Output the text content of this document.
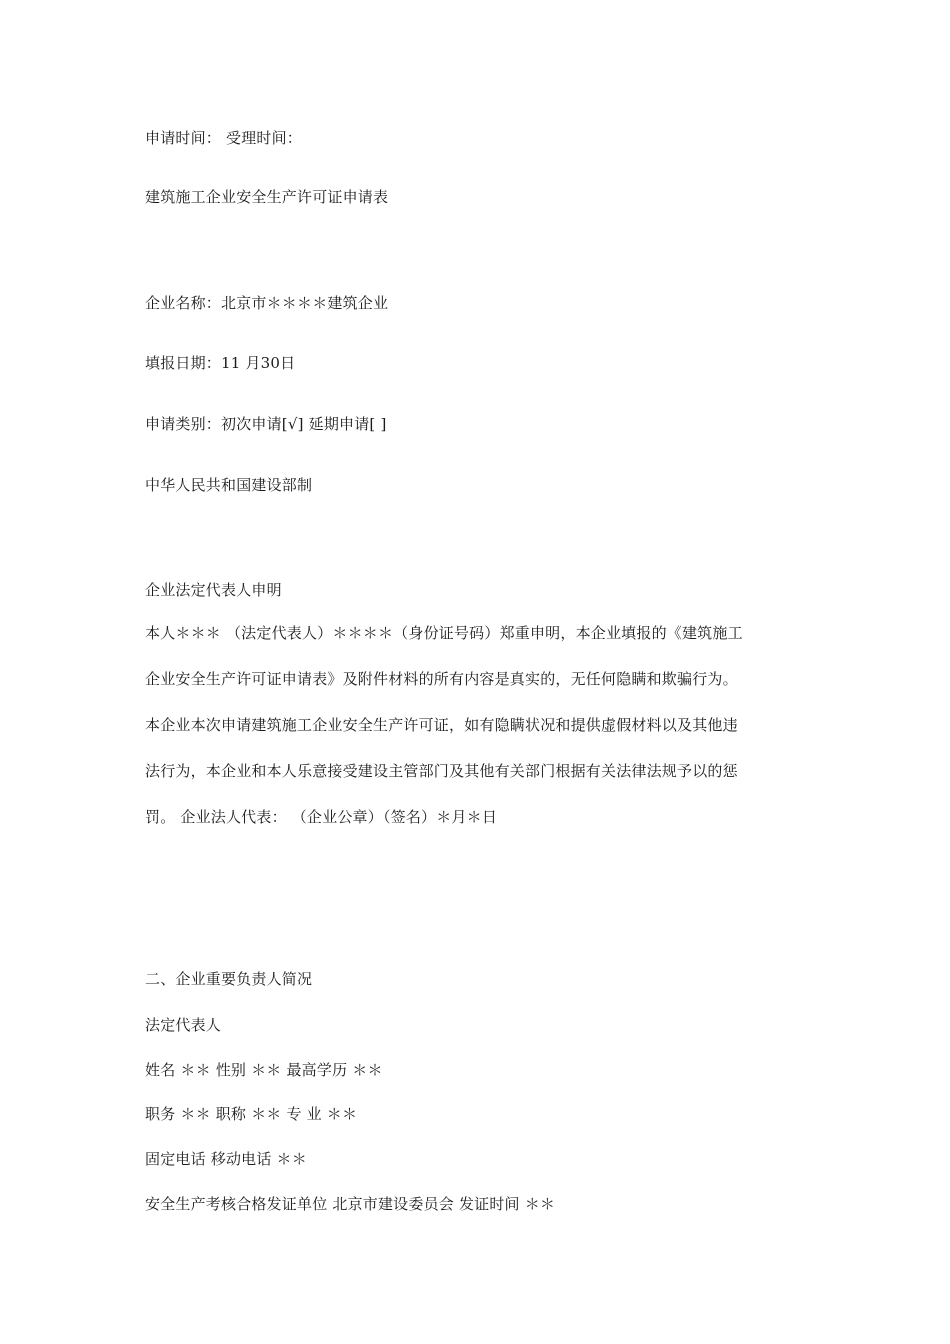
申请时间： 受理时间：
建筑施工企业安全生产许可证申请表
企业名称：北京市＊＊＊＊建筑企业
填报日期：11 月30日
申请类别：初次申请[√] 延期申请[ ]
中华人民共和国建设部制
企业法定代表人申明

本人＊＊＊ （法定代表人）＊＊＊＊（身份证号码）郑重申明，本企业填报的《建筑施工

企业安全生产许可证申请表》及附件材料的所有内容是真实的，无任何隐瞒和欺骗行为。

本企业本次申请建筑施工企业安全生产许可证，如有隐瞒状况和提供虚假材料以及其他违

法行为，本企业和本人乐意接受建设主管部门及其他有关部门根据有关法律法规予以的惩

罚。 企业法人代表： （企业公章）（签名）＊月＊日

二、企业重要负责人简况
法定代表人
姓名 ＊＊ 性别 ＊＊ 最高学历 ＊＊
职务 ＊＊ 职称 ＊＊ 专 业 ＊＊
固定电话 移动电话 ＊＊
安全生产考核合格发证单位 北京市建设委员会 发证时间 ＊＊
